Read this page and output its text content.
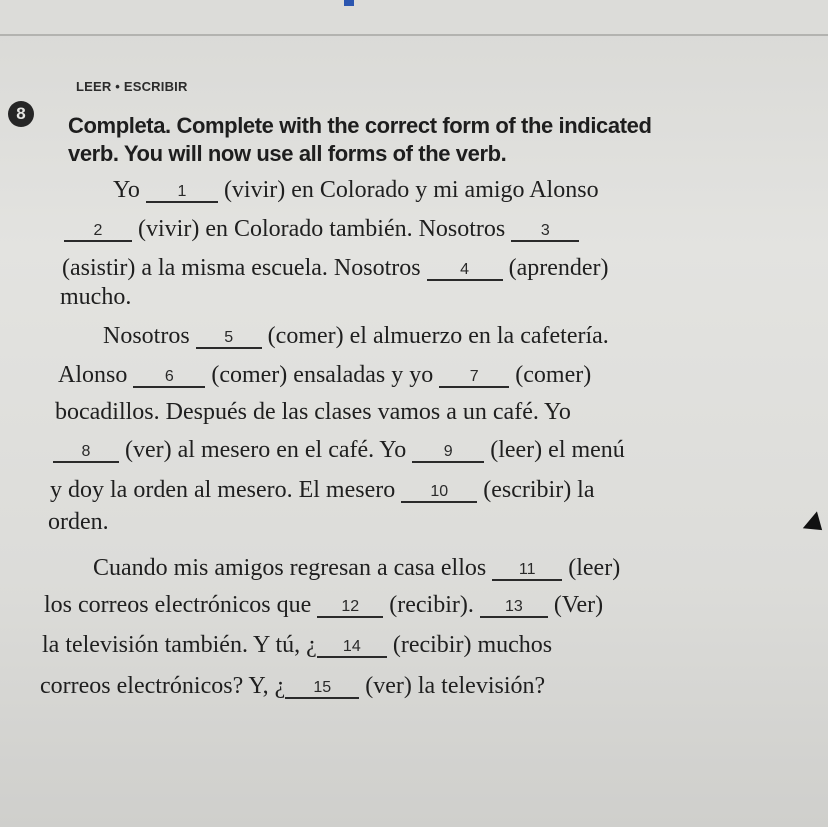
LEER • ESCRIBIR
8	Completa. Complete with the correct form of the indicated
verb. You will now use all forms of the verb.
Yo 1 (vivir) en Colorado y mi amigo Alonso
2 (vivir) en Colorado también. Nosotros 3
(asistir) a la misma escuela. Nosotros 4 (aprender)
mucho.
Nosotros 5 (comer) el almuerzo en la cafetería.
Alonso 6 (comer) ensaladas y yo 7 (comer)
bocadillos. Después de las clases vamos a un café. Yo
8 (ver) al mesero en el café. Yo 9 (leer) el menú
y doy la orden al mesero. El mesero 10 (escribir) la
orden.
Cuando mis amigos regresan a casa ellos 11 (leer)
los correos electrónicos que 12 (recibir). 13 (Ver)
la televisión también. Y tú, ¿ 14 (recibir) muchos
correos electrónicos? Y, ¿ 15 (ver) la televisión?
